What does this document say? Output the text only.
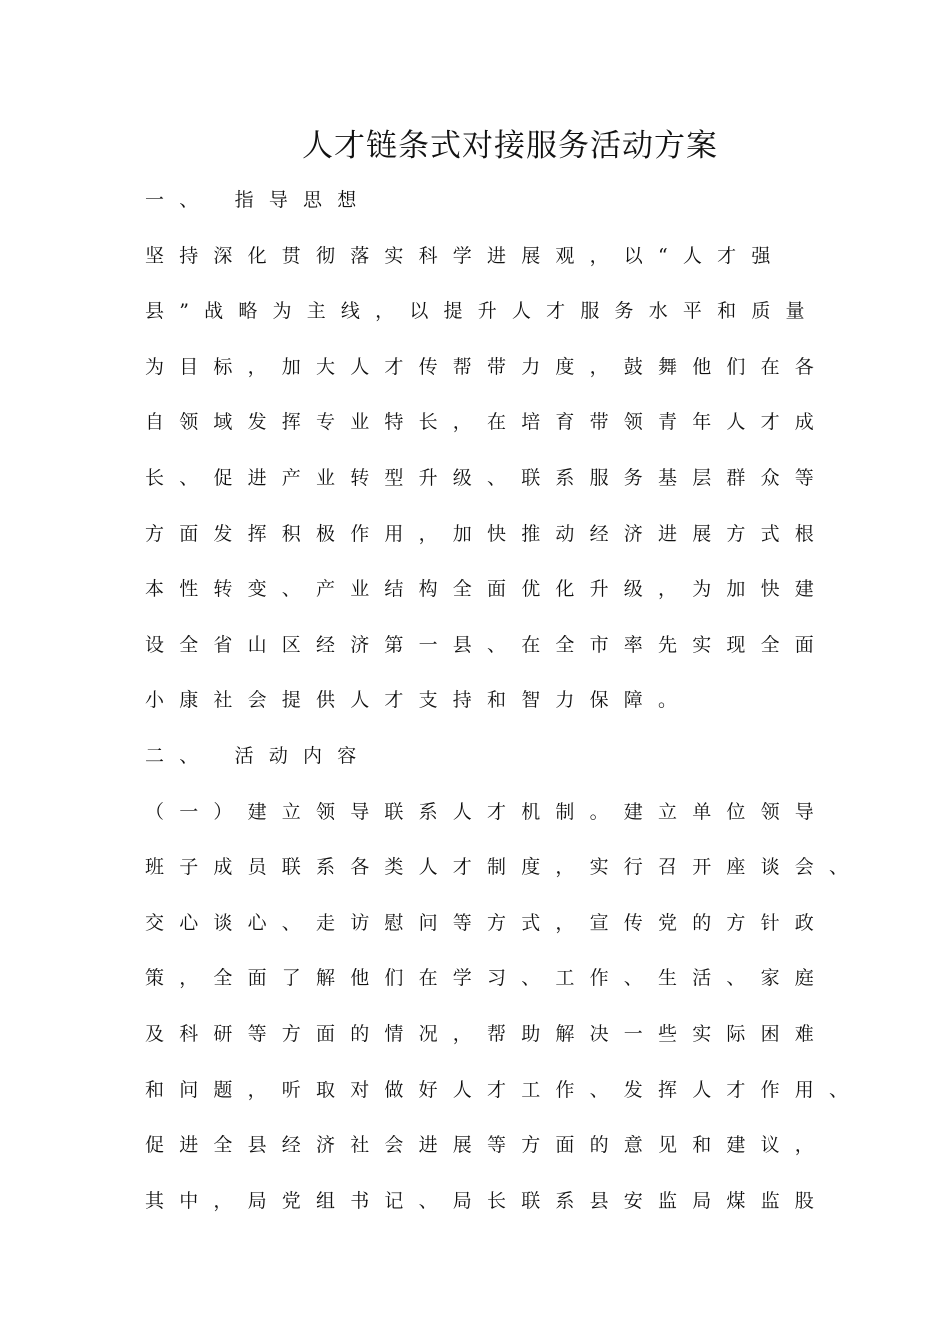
人才链条式对接服务活动方案
一、 指导思想
坚持深化贯彻落实科学进展观，以“人才强
县”战略为主线，以提升人才服务水平和质量
为目标，加大人才传帮带力度，鼓舞他们在各
自领域发挥专业特长，在培育带领青年人才成
长、促进产业转型升级、联系服务基层群众等
方面发挥积极作用，加快推动经济进展方式根
本性转变、产业结构全面优化升级，为加快建
设全省山区经济第一县、在全市率先实现全面
小康社会提供人才支持和智力保障。
二、 活动内容
（一）建立领导联系人才机制。建立单位领导
班子成员联系各类人才制度，实行召开座谈会、
交心谈心、走访慰问等方式，宣传党的方针政
策，全面了解他们在学习、工作、生活、家庭
及科研等方面的情况，帮助解决一些实际困难
和问题，听取对做好人才工作、发挥人才作用、
促进全县经济社会进展等方面的意见和建议，
其中，局党组书记、局长联系县安监局煤监股
